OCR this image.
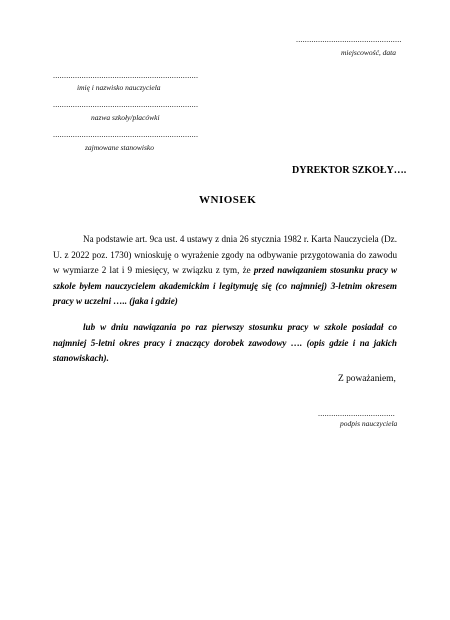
................................................
miejscowość, data
..................................................................
imię i nazwisko nauczyciela
..................................................................
nazwa szkoły/placówki
..................................................................
zajmowane stanowisko
DYREKTOR SZKOŁY….
WNIOSEK

Na podstawie art. 9ca ust. 4 ustawy z dnia 26 stycznia 1982 r. Karta Nauczyciela (Dz. U. z 2022 poz. 1730) wnioskuję o wyrażenie zgody na odbywanie przygotowania do zawodu w wymiarze 2 lat i 9 miesięcy, w związku z tym, że przed nawiązaniem stosunku pracy w szkole byłem nauczycielem akademickim i legitymuję się (co najmniej) 3-letnim okresem pracy w uczelni ….. (jaka i gdzie)

lub w dniu nawiązania po raz pierwszy stosunku pracy w szkole posiadał co najmniej 5-letni okres pracy i znaczący dorobek zawodowy …. (opis gdzie i na jakich stanowiskach).

Z poważaniem,
...................................
podpis nauczyciela
